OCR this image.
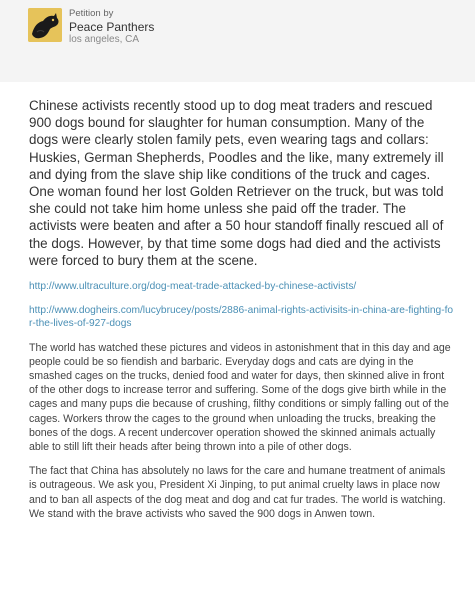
Petition by
Peace Panthers
los angeles, CA

Chinese activists recently stood up to dog meat traders and rescued 900 dogs bound for slaughter for human consumption. Many of the dogs were clearly stolen family pets, even wearing tags and collars: Huskies, German Shepherds, Poodles and the like, many extremely ill and dying from the slave ship like conditions of the truck and cages. One woman found her lost Golden Retriever on the truck, but was told she could not take him home unless she paid off the trader. The activists were beaten and after a 50 hour standoff finally rescued all of the dogs. However, by that time some dogs had died and the activists were forced to bury them at the scene.

http://www.ultraculture.org/dog-meat-trade-attacked-by-chinese-activists/
http://www.dogheirs.com/lucybrucey/posts/2886-animal-rights-activisits-in-china-are-fighting-for-the-lives-of-927-dogs

The world has watched these pictures and videos in astonishment that in this day and age people could be so fiendish and barbaric. Everyday dogs and cats are dying in the smashed cages on the trucks, denied food and water for days, then skinned alive in front of the other dogs to increase terror and suffering. Some of the dogs give birth while in the cages and many pups die because of crushing, filthy conditions or simply falling out of the cages. Workers throw the cages to the ground when unloading the trucks, breaking the bones of the dogs. A recent undercover operation showed the skinned animals actually able to still lift their heads after being thrown into a pile of other dogs.

The fact that China has absolutely no laws for the care and humane treatment of animals is outrageous. We ask you, President Xi Jinping, to put animal cruelty laws in place now and to ban all aspects of the dog meat and dog and cat fur trades. The world is watching. We stand with the brave activists who saved the 900 dogs in Anwen town.
